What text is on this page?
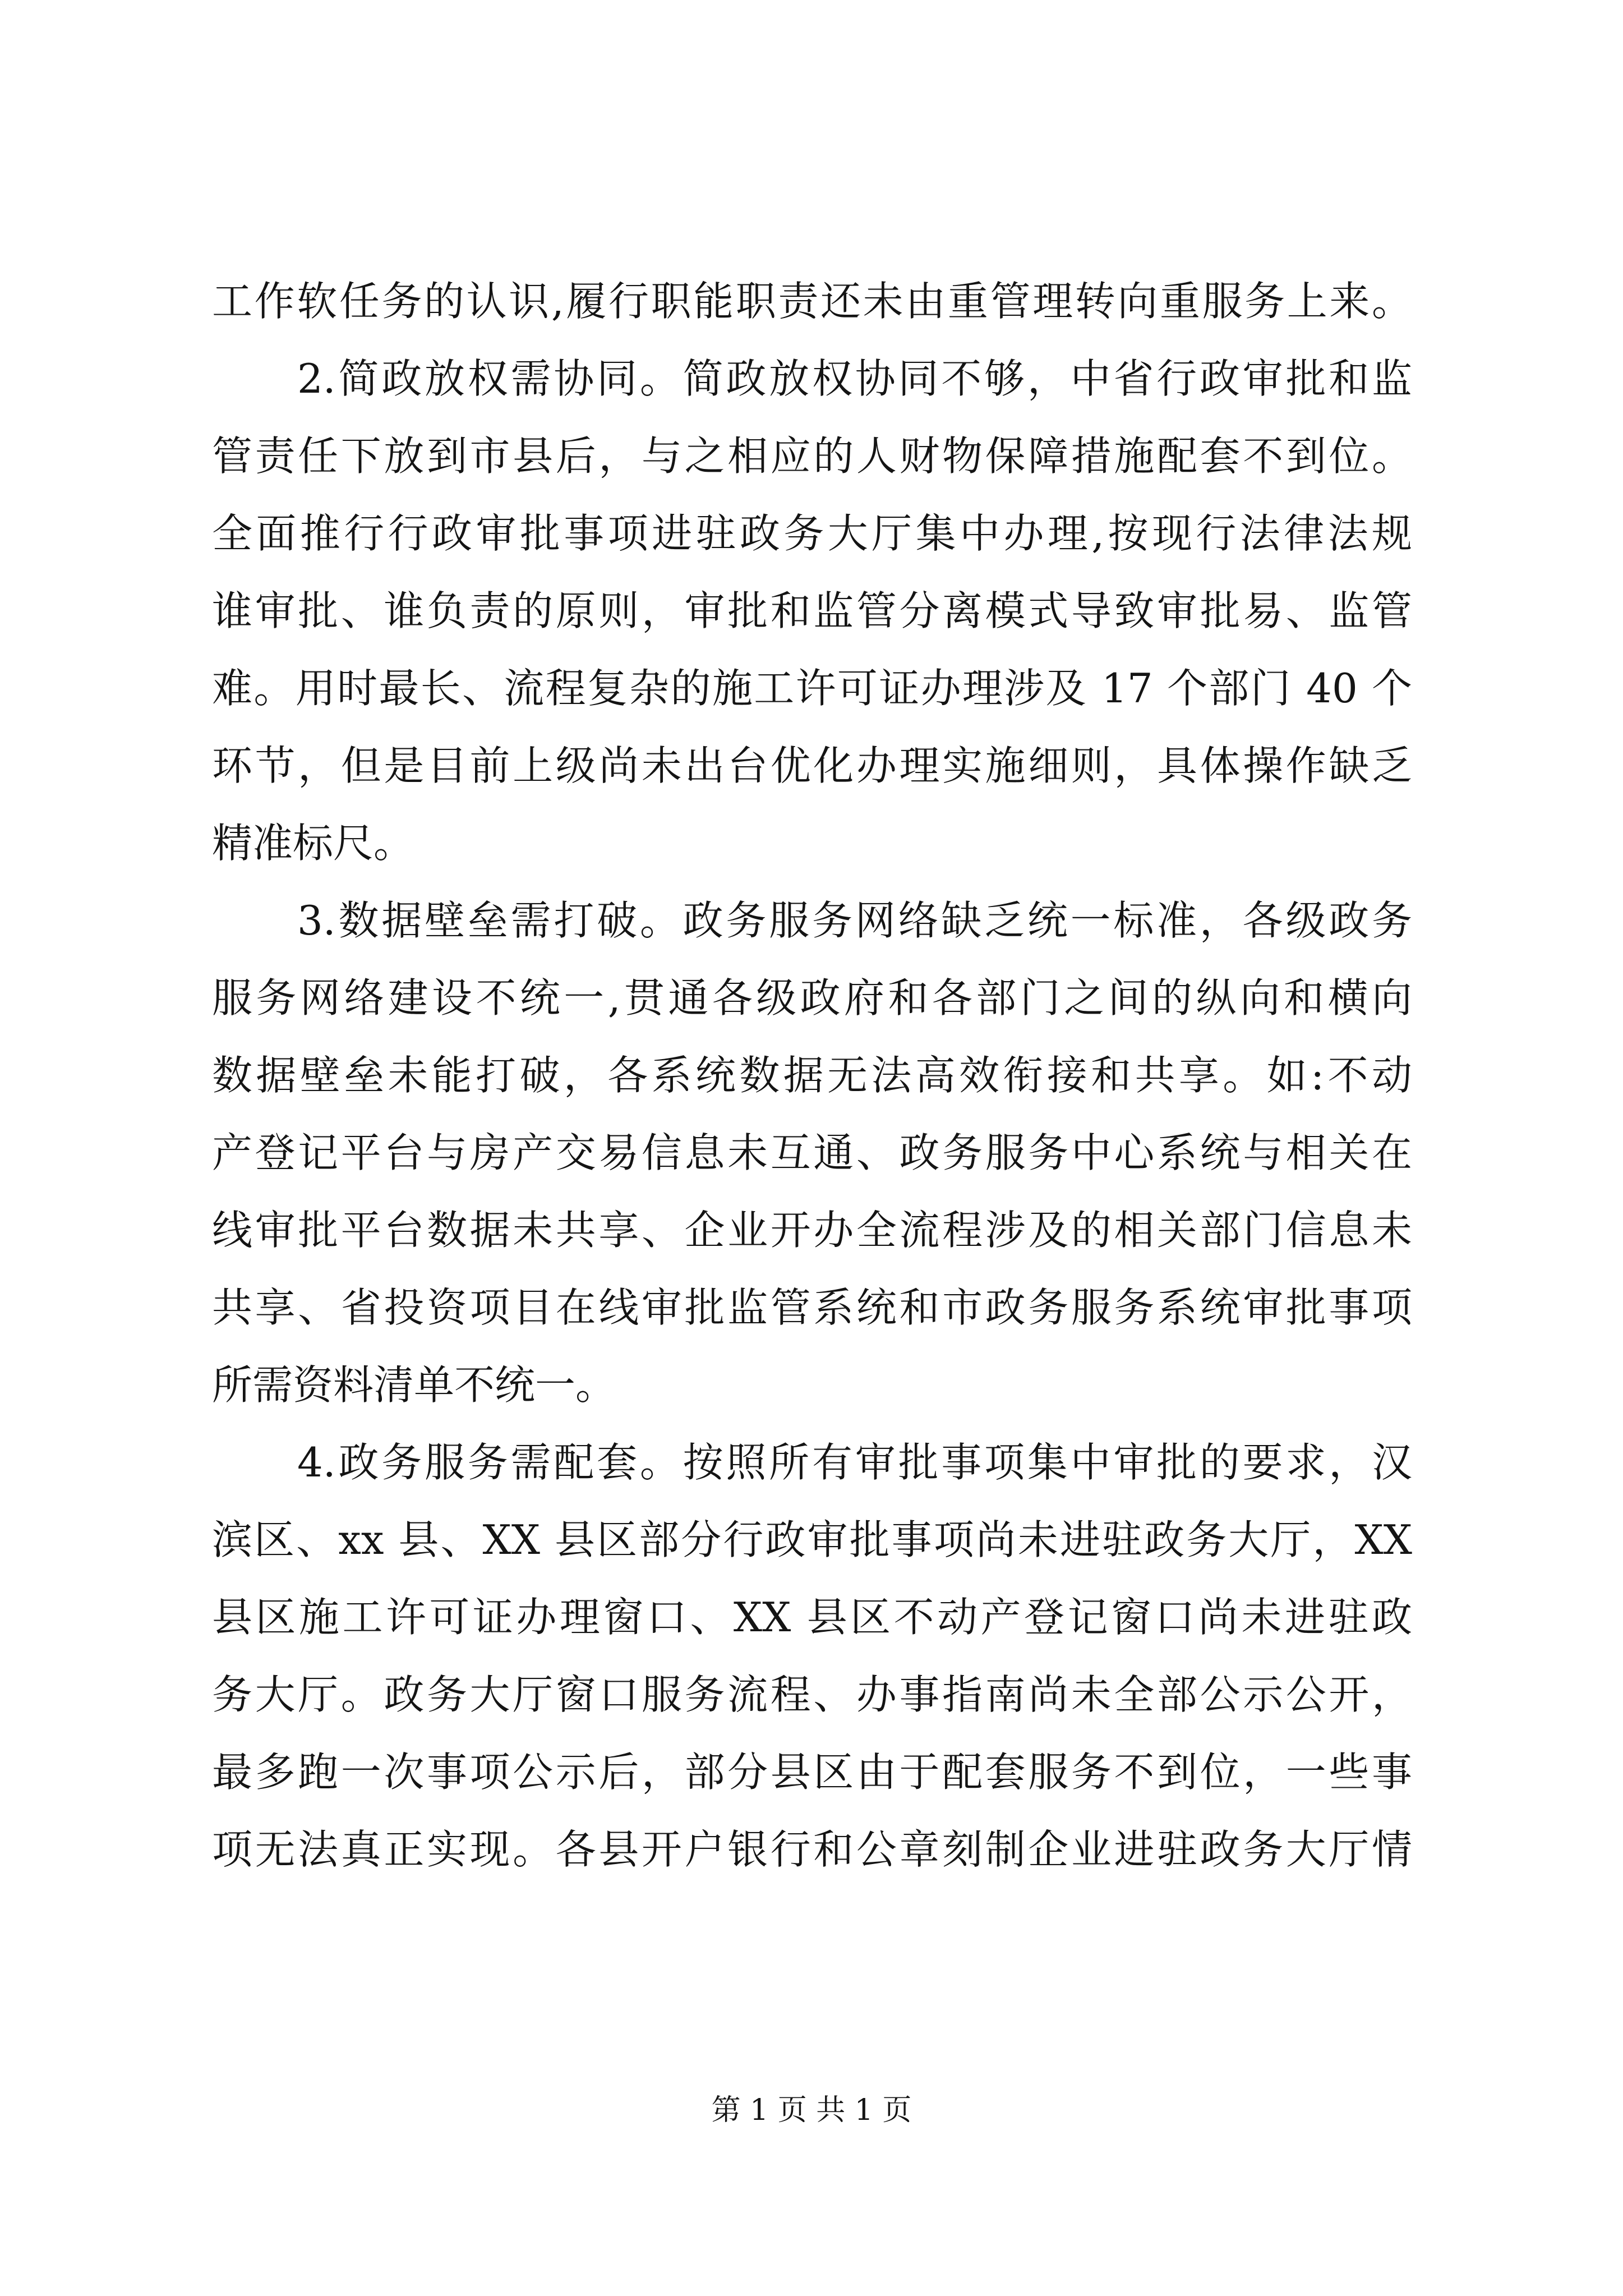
工作软任务的认识,履行职能职责还未由重管理转向重服务上来。
2.简政放权需协同。简政放权协同不够，中省行政审批和监
管责任下放到市县后，与之相应的人财物保障措施配套不到位。
全面推行行政审批事项进驻政务大厅集中办理,按现行法律法规
谁审批、谁负责的原则，审批和监管分离模式导致审批易、监管
难。用时最长、流程复杂的施工许可证办理涉及 17 个部门 40 个
环节，但是目前上级尚未出台优化办理实施细则，具体操作缺乏
精准标尺。
3.数据壁垒需打破。政务服务网络缺乏统一标准，各级政务
服务网络建设不统一,贯通各级政府和各部门之间的纵向和横向
数据壁垒未能打破，各系统数据无法高效衔接和共享。如:不动
产登记平台与房产交易信息未互通、政务服务中心系统与相关在
线审批平台数据未共享、企业开办全流程涉及的相关部门信息未
共享、省投资项目在线审批监管系统和市政务服务系统审批事项
所需资料清单不统一。
4.政务服务需配套。按照所有审批事项集中审批的要求，汉
滨区、xx 县、XX 县区部分行政审批事项尚未进驻政务大厅，XX
县区施工许可证办理窗口、XX 县区不动产登记窗口尚未进驻政
务大厅。政务大厅窗口服务流程、办事指南尚未全部公示公开，
最多跑一次事项公示后，部分县区由于配套服务不到位，一些事
项无法真正实现。各县开户银行和公章刻制企业进驻政务大厅情
第 1 页 共 1 页
